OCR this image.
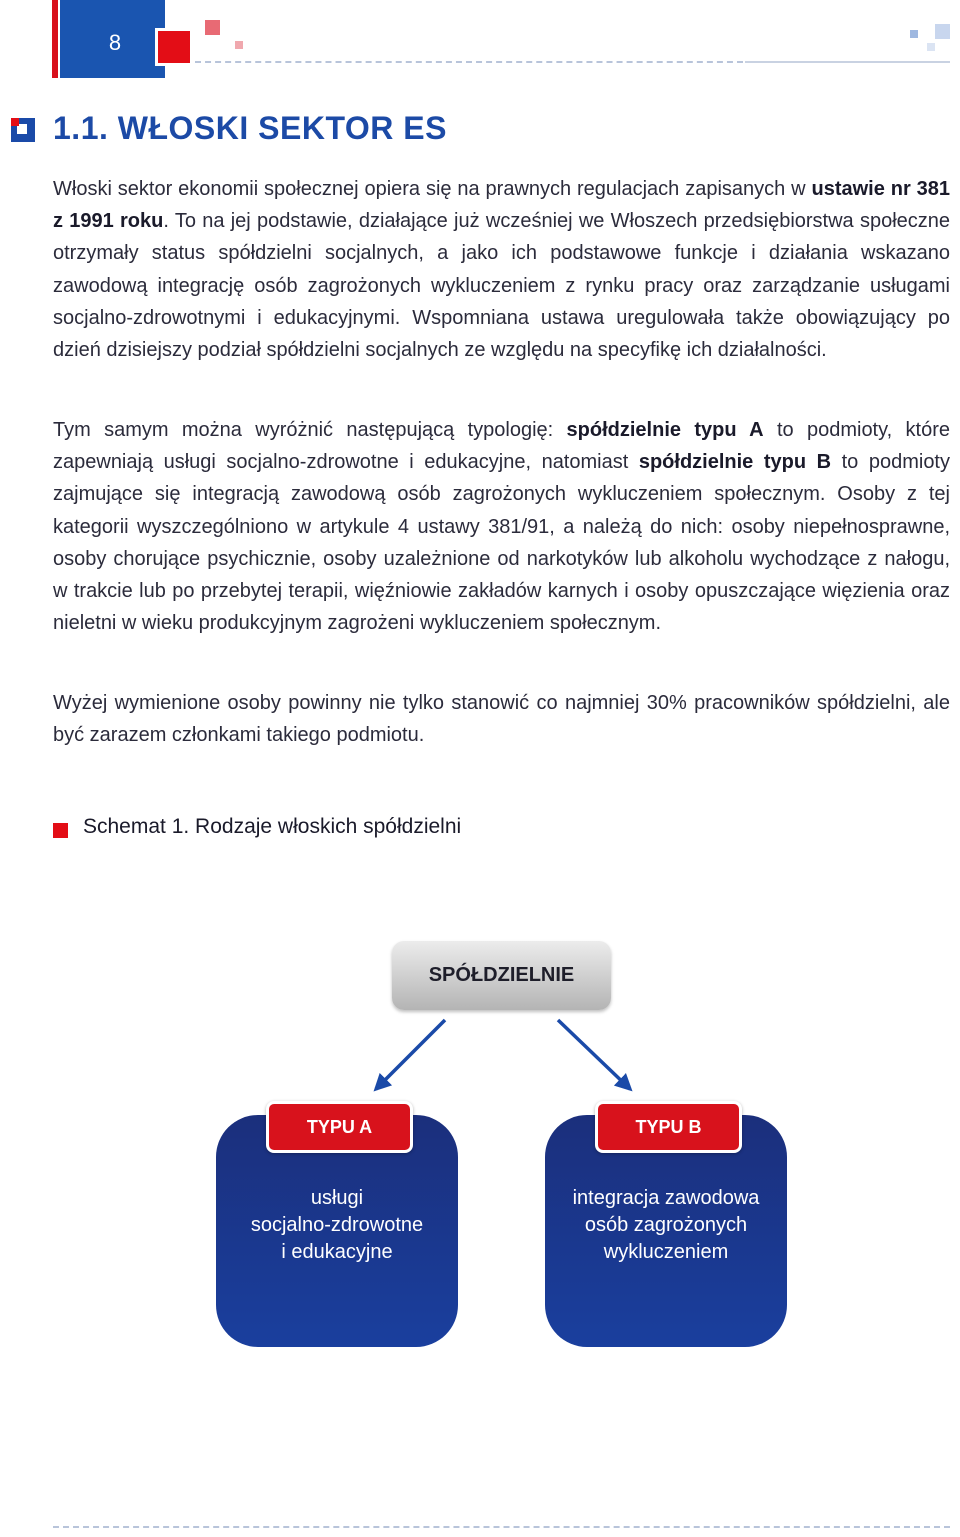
8
1.1. WŁOSKI SEKTOR ES

Włoski sektor ekonomii społecznej opiera się na prawnych regulacjach zapisanych w ustawie nr 381 z 1991 roku. To na jej podstawie, działające już wcześniej we Włoszech przedsiębiorstwa społeczne otrzymały status spółdzielni socjalnych, a jako ich podstawowe funkcje i działania wskazano zawodową integrację osób zagrożonych wykluczeniem z rynku pracy oraz zarządzanie usługami socjalno-zdrowotnymi i edukacyjnymi. Wspomniana ustawa uregulowała także obowiązujący po dzień dzisiejszy podział spółdzielni socjalnych ze względu na specyfikę ich działalności.

Tym samym można wyróżnić następującą typologię: spółdzielnie typu A to podmioty, które zapewniają usługi socjalno-zdrowotne i edukacyjne, natomiast spółdzielnie typu B to podmioty zajmujące się integracją zawodową osób zagrożonych wykluczeniem społecznym. Osoby z tej kategorii wyszczególniono w artykule 4 ustawy 381/91, a należą do nich: osoby niepełnosprawne, osoby chorujące psychicznie, osoby uzależnione od narkotyków lub alkoholu wychodzące z nałogu, w trakcie lub po przebytej terapii, więźniowie zakładów karnych i osoby opuszczające więzienia oraz nieletni w wieku produkcyjnym zagrożeni wykluczeniem społecznym.

Wyżej wymienione osoby powinny nie tylko stanowić co najmniej 30% pracowników spółdzielni, ale być zarazem członkami takiego podmiotu.

Schemat 1. Rodzaje włoskich spółdzielni
SPÓŁDZIELNIE
usługi
socjalno-zdrowotne
i edukacyjne
TYPU A
integracja zawodowa
osób zagrożonych
wykluczeniem
TYPU B
